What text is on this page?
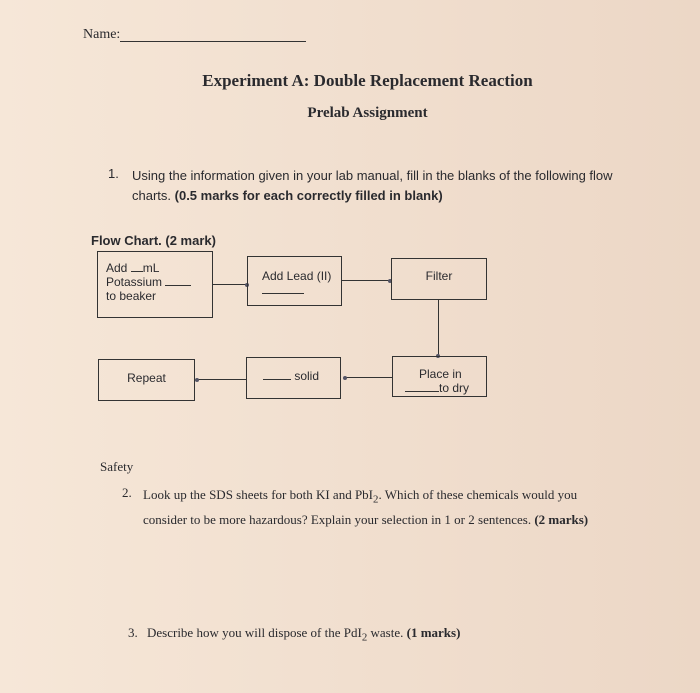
Name:
Experiment A: Double Replacement Reaction
Prelab Assignment
1. Using the information given in your lab manual, fill in the blanks of the following flow charts. (0.5 marks for each correctly filled in blank)
Flow Chart. (2 mark)
Add mL
Potassium
to beaker
Add Lead (II)	Filter
Place in
to dry
solid
Repeat
Safety
2. Look up the SDS sheets for both KI and PbI$_2$. Which of these chemicals would you consider to be more hazardous? Explain your selection in 1 or 2 sentences. (2 marks)
3. Describe how you will dispose of the PdI$_2$ waste. (1 marks)
